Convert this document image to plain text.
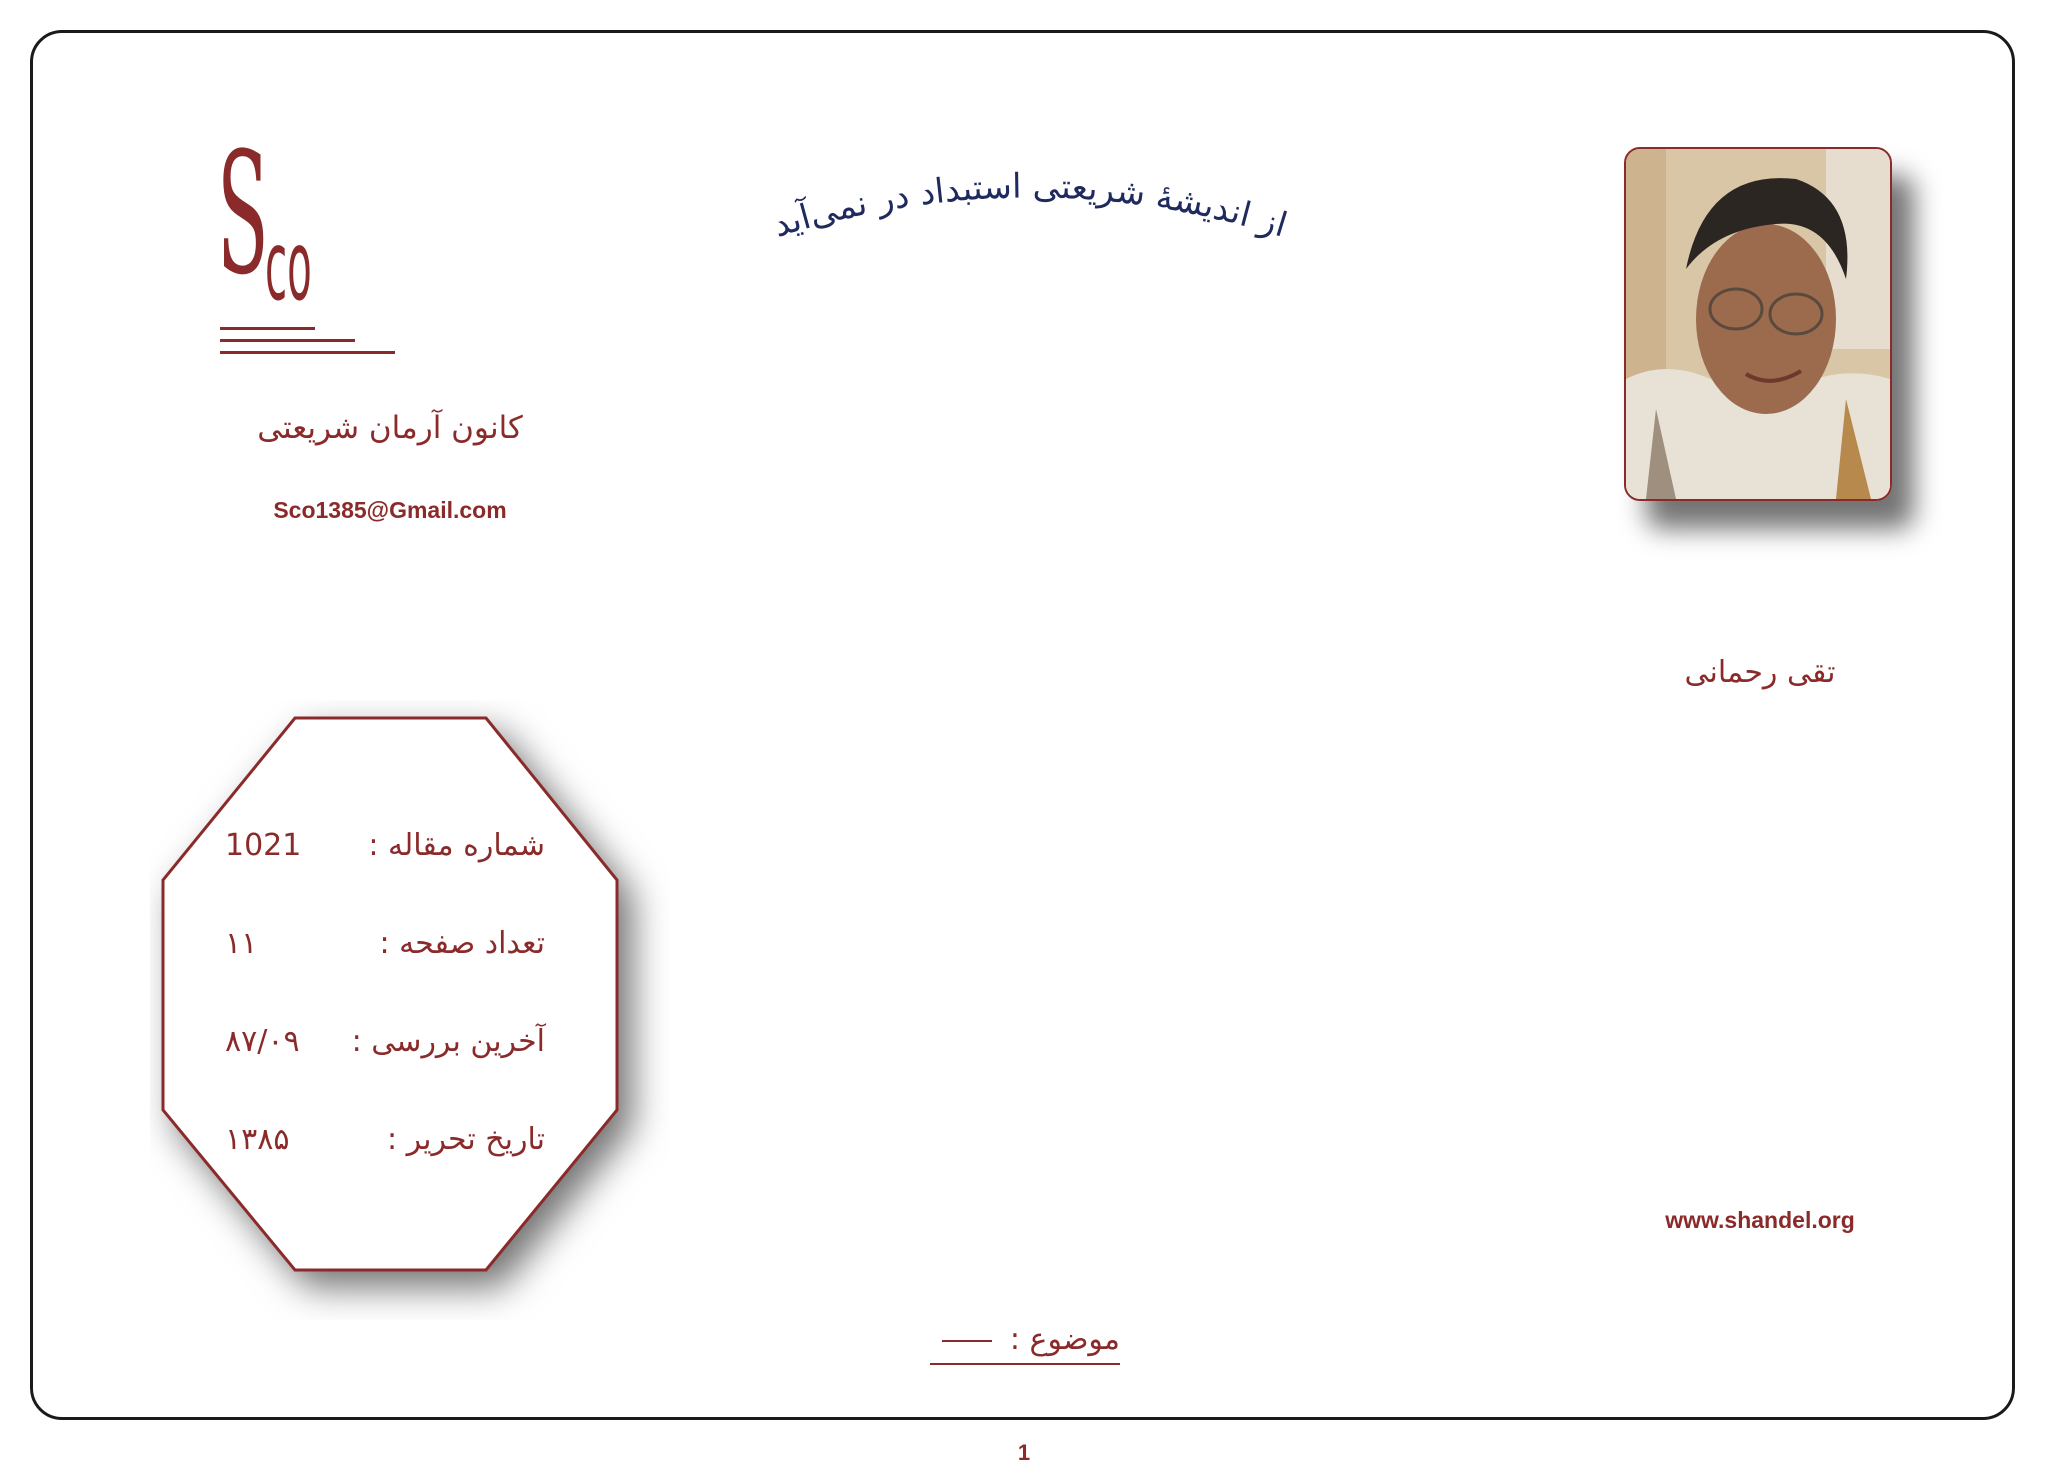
از اندیشهٔ شریعتی استبداد در نمی‌آید
S
co
کانون آرمان شریعتی
Sco1385@Gmail.com
تقی رحمانی
شماره مقاله :
1021
تعداد صفحه :
۱۱
آخرین بررسی :
۸۷/۰۹
تاریخ تحریر :
۱۳۸۵
www.shandel.org
موضوع :
1
